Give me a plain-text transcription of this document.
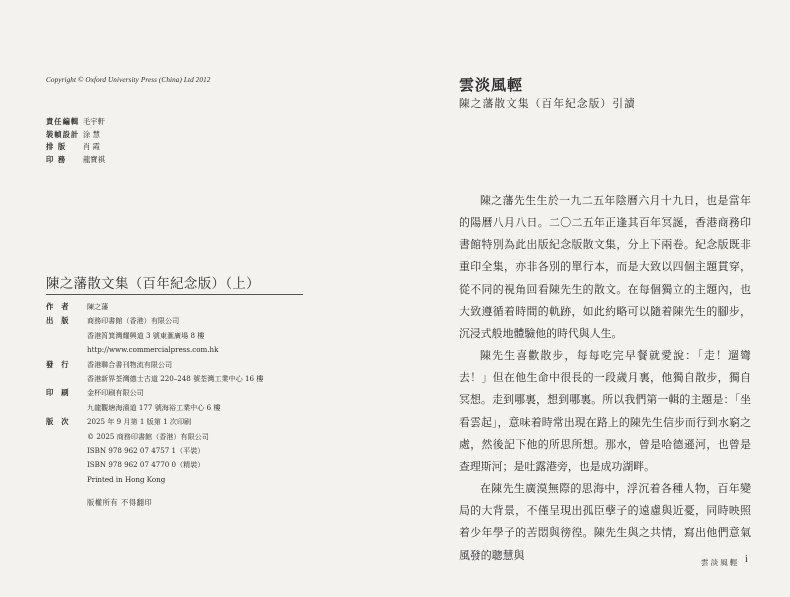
Copyright © Oxford University Press (China) Ltd 2012
責任編輯 毛宇軒
裝幀設計 涂 慧
排 版	肖 霞
印 務	龍寶祺
陳之藩散文集（百年紀念版）（上）
作者	陳之藩
出版	商務印書館（香港）有限公司
香港筲箕灣耀興道 3 號東滙廣場 8 樓
http://www.commercialpress.com.hk
發行	香港聯合書刊物流有限公司
香港新界荃灣德士古道 220–248 號荃灣工業中心 16 樓
印刷	金杯印刷有限公司
九龍觀塘海濱道 177 號海裕工業中心 6 樓
版次	2025 年 9 月第 1 版第 1 次印刷
© 2025 商務印書館（香港）有限公司
ISBN 978 962 07 4757 1（平裝）
ISBN 978 962 07 4770 0（精裝）
Printed in Hong Kong
版權所有 不得翻印
雲淡風輕
陳之藩散文集（百年紀念版）引讀

陳之藩先生生於一九二五年陰曆六月十九日，也是當年的陽曆八月八日。二〇二五年正逢其百年冥誕，香港商務印書館特別為此出版紀念版散文集，分上下兩卷。紀念版既非重印全集，亦非各別的單行本，而是大致以四個主題貫穿，從不同的視角回看陳先生的散文。在每個獨立的主題內，也大致遵循着時間的軌跡，如此約略可以隨着陳先生的腳步，沉浸式般地體驗他的時代與人生。

陳先生喜歡散步，每每吃完早餐就愛說：「走！遛彎去！」但在他生命中很長的一段歲月裏，他獨自散步，獨自冥想。走到哪裏，想到哪裏。所以我們第一輯的主題是：「坐看雲起」，意味着時常出現在路上的陳先生信步而行到水窮之處，然後記下他的所思所想。那水，曾是哈德遜河，也曾是查理斯河；是吐露港旁，也是成功湖畔。

在陳先生廣漠無際的思海中，浮沉着各種人物，百年變局的大背景，不僅呈現出孤臣孽子的遠慮與近憂，同時映照着少年學子的苦悶與徬徨。陳先生與之共情，寫出他們意氣風發的聰慧與

雲淡風輕 i
